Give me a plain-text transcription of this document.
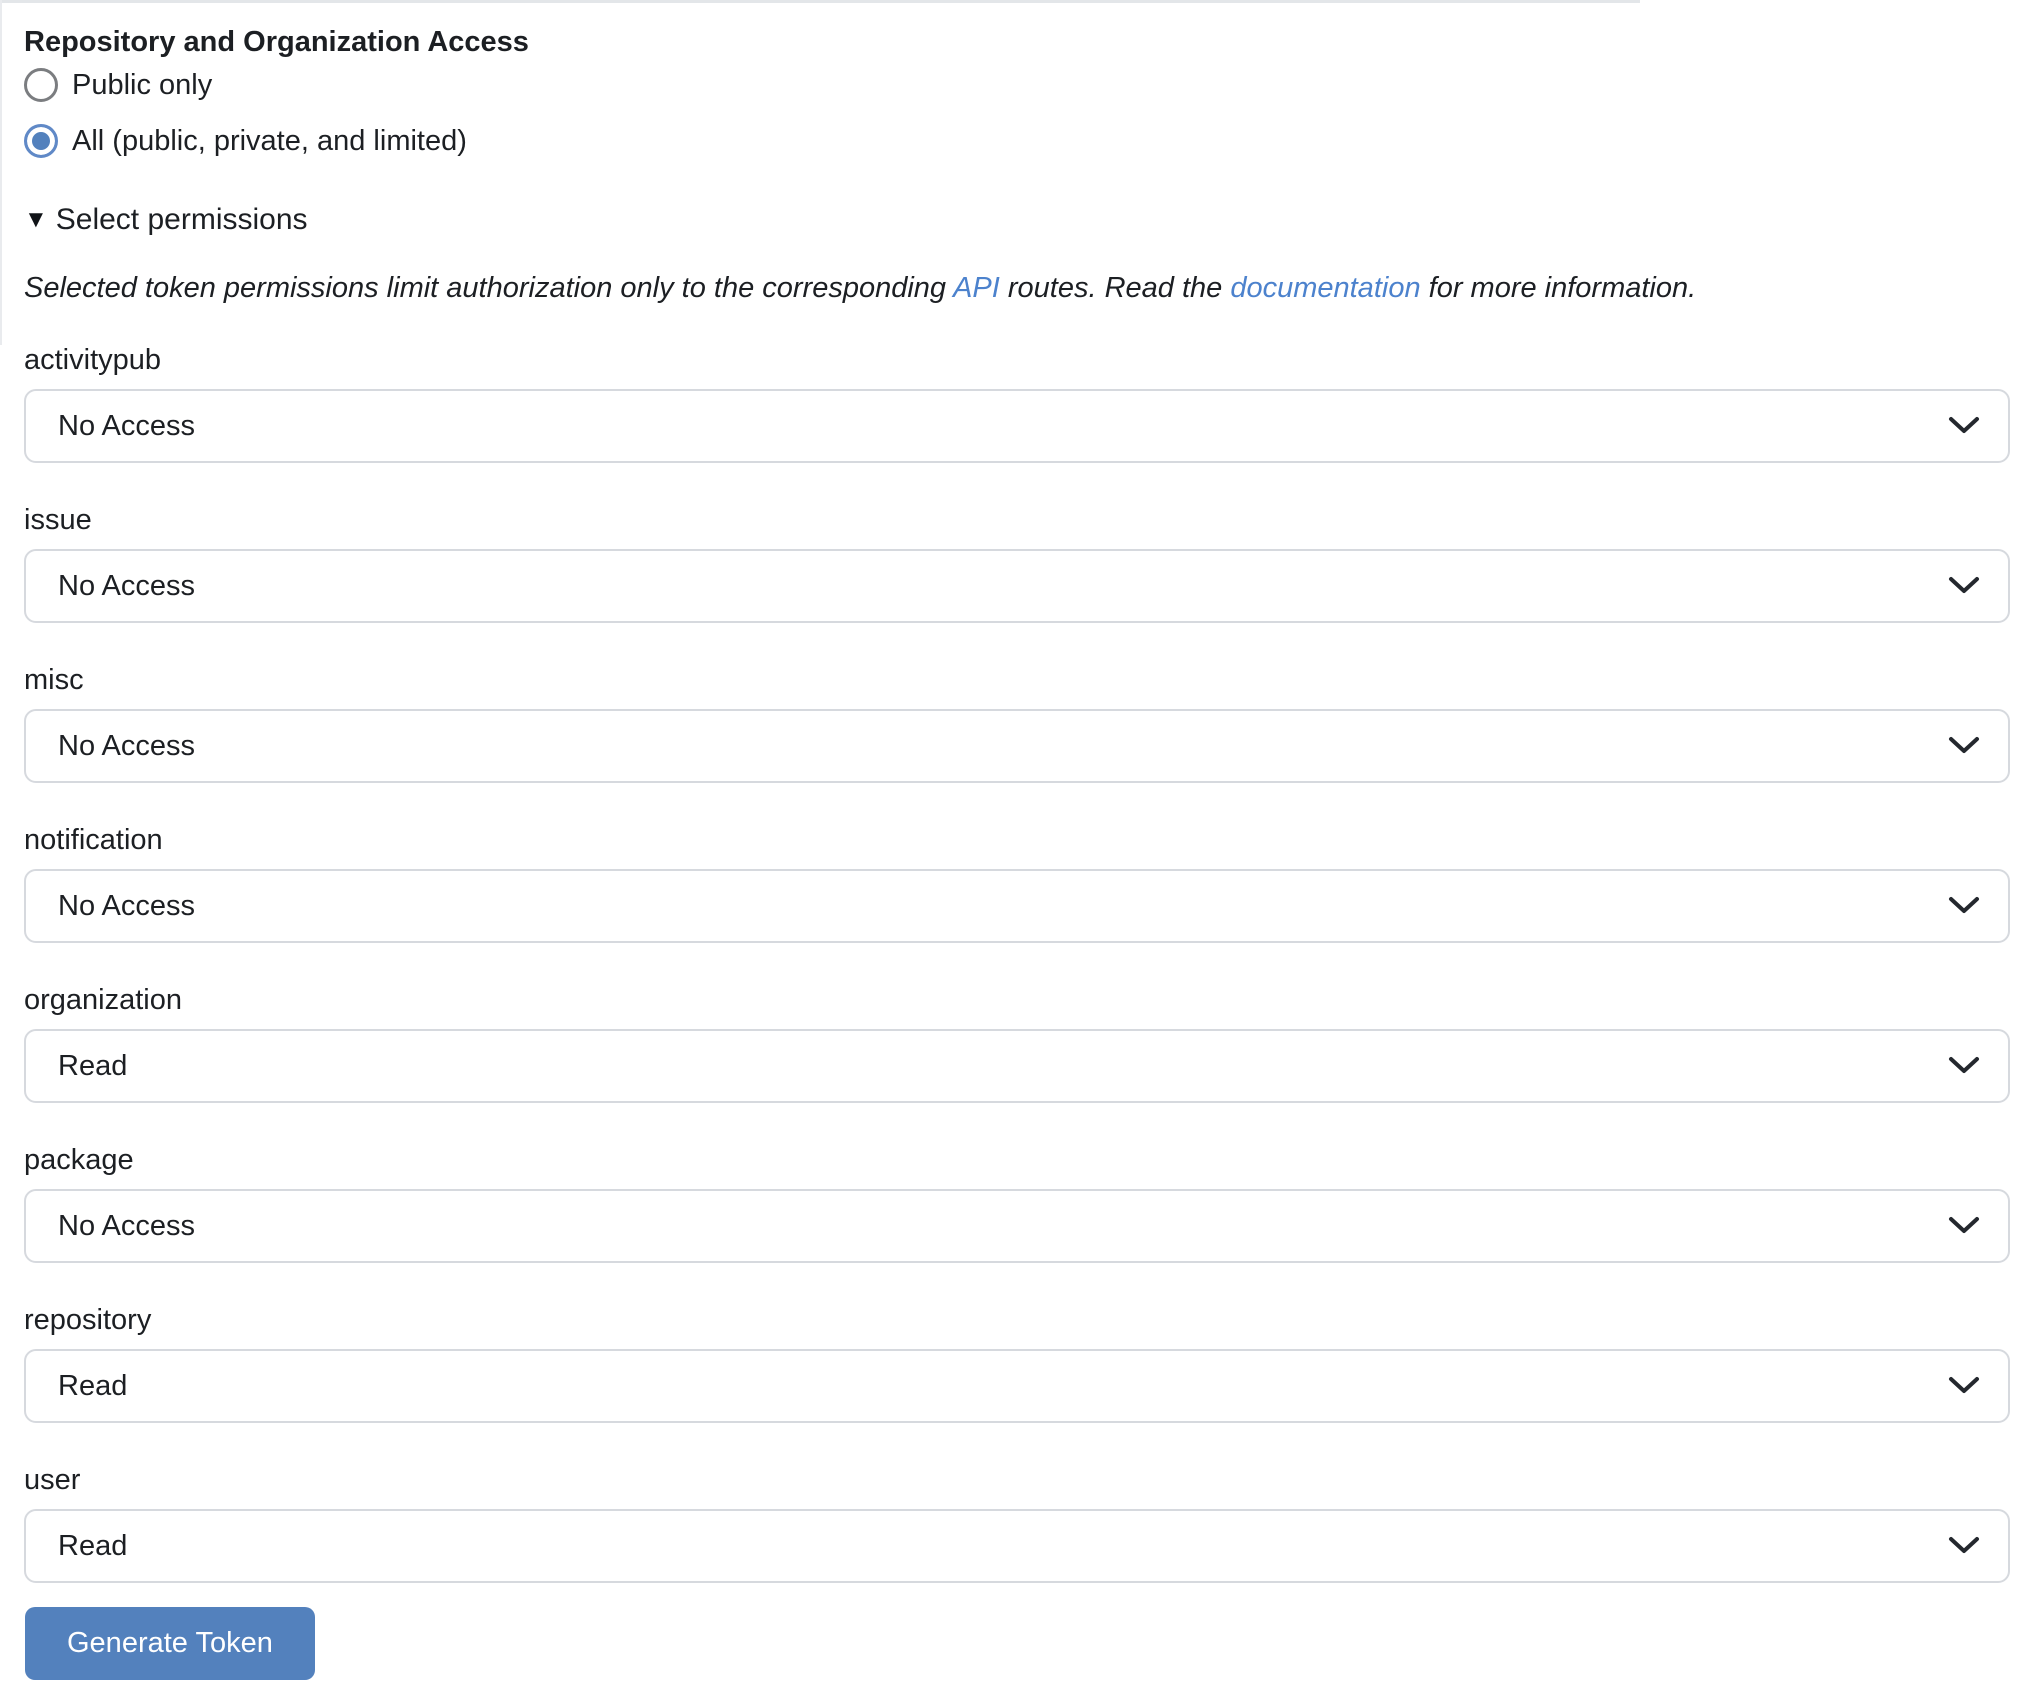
Repository and Organization Access
Public only
All (public, private, and limited)
▼ Select permissions
Selected token permissions limit authorization only to the corresponding API routes. Read the documentation for more information.
activitypub
No Access
issue
No Access
misc
No Access
notification
No Access
organization
Read
package
No Access
repository
Read
user
Read
Generate Token
